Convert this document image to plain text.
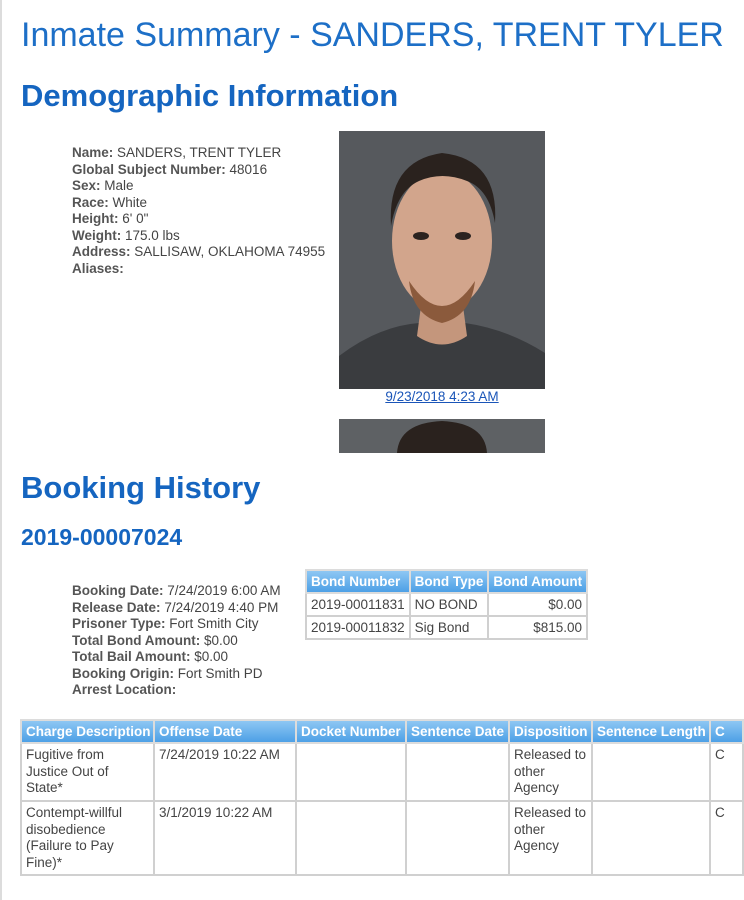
Inmate Summary - SANDERS, TRENT TYLER
Demographic Information
Name: SANDERS, TRENT TYLER
Global Subject Number: 48016
Sex: Male
Race: White
Height: 6' 0"
Weight: 175.0 lbs
Address: SALLISAW, OKLAHOMA 74955
Aliases:
9/23/2018 4:23 AM
Booking History
2019-00007024
Booking Date: 7/24/2019 6:00 AM
Release Date: 7/24/2019 4:40 PM
Prisoner Type: Fort Smith City
Total Bond Amount: $0.00
Total Bail Amount: $0.00
Booking Origin: Fort Smith PD
Arrest Location:
Bond Number	Bond Type	Bond Amount
2019-00011831	NO BOND	$0.00
2019-00011832	Sig Bond	$815.00
Charge Description	Offense Date	Docket Number	Sentence Date	Disposition	Sentence Length	C
Fugitive from Justice Out of State*	7/24/2019 10:22 AM			Released to other Agency		C
Contempt-willful disobedience (Failure to Pay Fine)*	3/1/2019 10:22 AM			Released to other Agency		C
